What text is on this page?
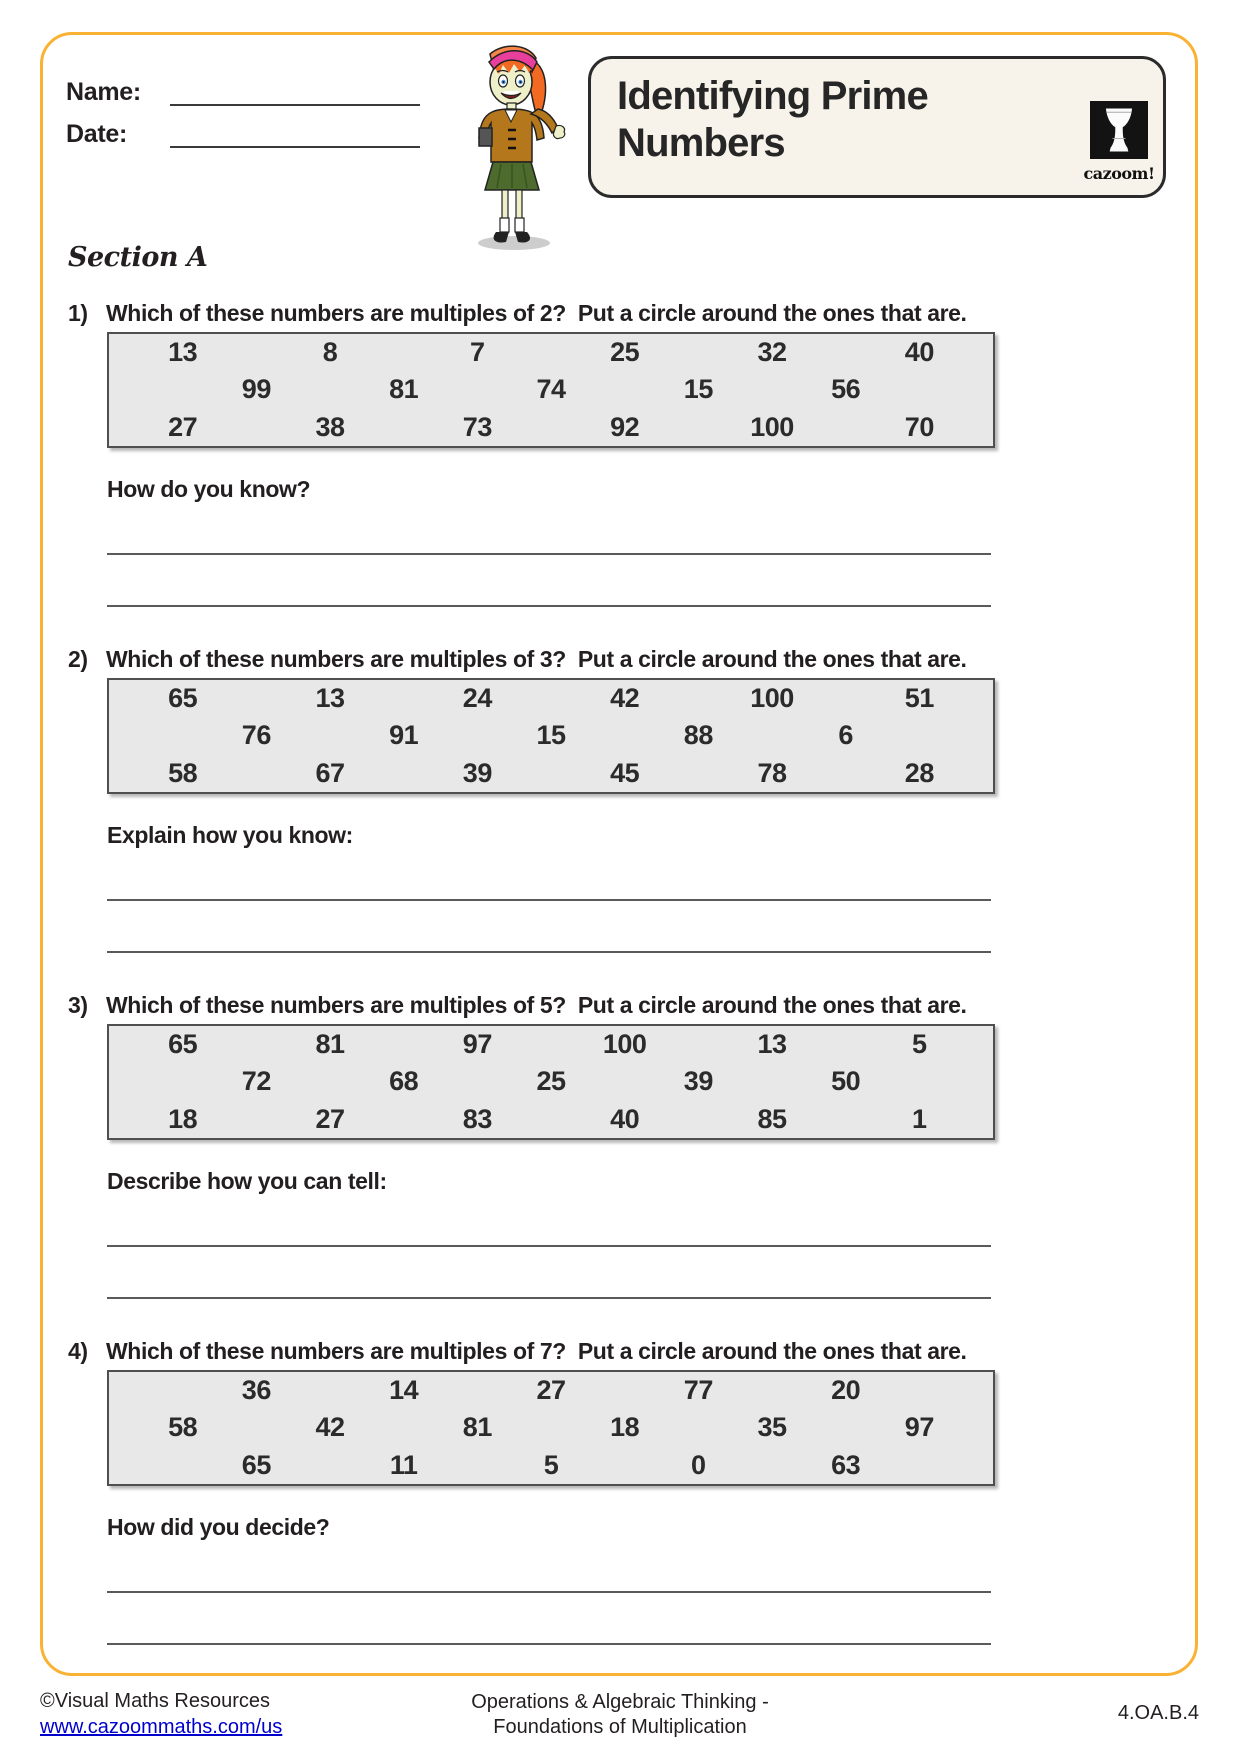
Name:
Date:
Identifying Prime
Numbers
cazoom!
Section A
1) Which of these numbers are multiples of 2?  Put a circle around the ones that are.
13	8	7	25	32	40
99	81	74	15	56
27	38	73	92	100	70
How do you know?
2) Which of these numbers are multiples of 3?  Put a circle around the ones that are.
65	13	24	42	100	51
76	91	15	88	6
58	67	39	45	78	28
Explain how you know:
3) Which of these numbers are multiples of 5?  Put a circle around the ones that are.
65	81	97	100	13	5
72	68	25	39	50
18	27	83	40	85	1
Describe how you can tell:
4) Which of these numbers are multiples of 7?  Put a circle around the ones that are.
36	14	27	77	20
58	42	81	18	35	97
65	11	5	0	63
How did you decide?
©Visual Maths Resources
www.cazoommaths.com/us
Operations & Algebraic Thinking -
Foundations of Multiplication
4.OA.B.4
